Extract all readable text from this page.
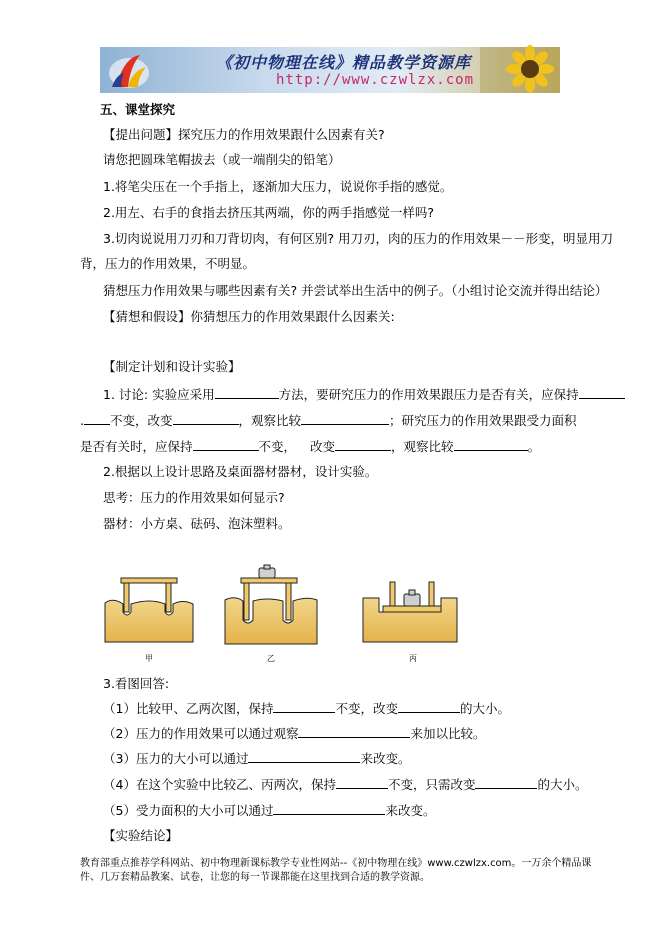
《初中物理在线》精品教学资源库
http://www.czwlzx.com
五、课堂探究
【提出问题】探究压力的作用效果跟什么因素有关?
请您把圆珠笔帽拔去（或一端削尖的铅笔）
1.将笔尖压在一个手指上，逐渐加大压力，说说你手指的感觉。
2.用左、右手的食指去挤压其两端，你的两手指感觉一样吗?
3.切肉说说用刀刃和刀背切肉，有何区别? 用刀刃，肉的压力的作用效果－－形变，明显用刀
背，压力的作用效果，不明显。
猜想压力作用效果与哪些因素有关? 并尝试举出生活中的例子。（小组讨论交流并得出结论）
【猜想和假设】你猜想压力的作用效果跟什么因素关:
【制定计划和设计实验】
1. 讨论: 实验应采用	方法，要研究压力的作用效果跟压力是否有关，应保持
. 不变，改变	，观察比较	；研究压力的作用效果跟受力面积
是否有关时，应保持	不变， 改变	，观察比较	。
2.根据以上设计思路及桌面器材器材，设计实验。
思考：压力的作用效果如何显示?
器材：小方桌、砝码、泡沫塑料。
甲	乙	丙
3.看图回答:
（1）比较甲、乙两次图，保持	不变，改变	的大小。
（2）压力的作用效果可以通过观察	来加以比较。
（3）压力的大小可以通过	来改变。
（4）在这个实验中比较乙、丙两次，保持	不变，只需改变	的大小。
（5）受力面积的大小可以通过	来改变。
【实验结论】
教育部重点推荐学科网站、初中物理新课标教学专业性网站--《初中物理在线》www.czwlzx.com。一万余个精品课
件、几万套精品教案、试卷，让您的每一节课都能在这里找到合适的教学资源。
